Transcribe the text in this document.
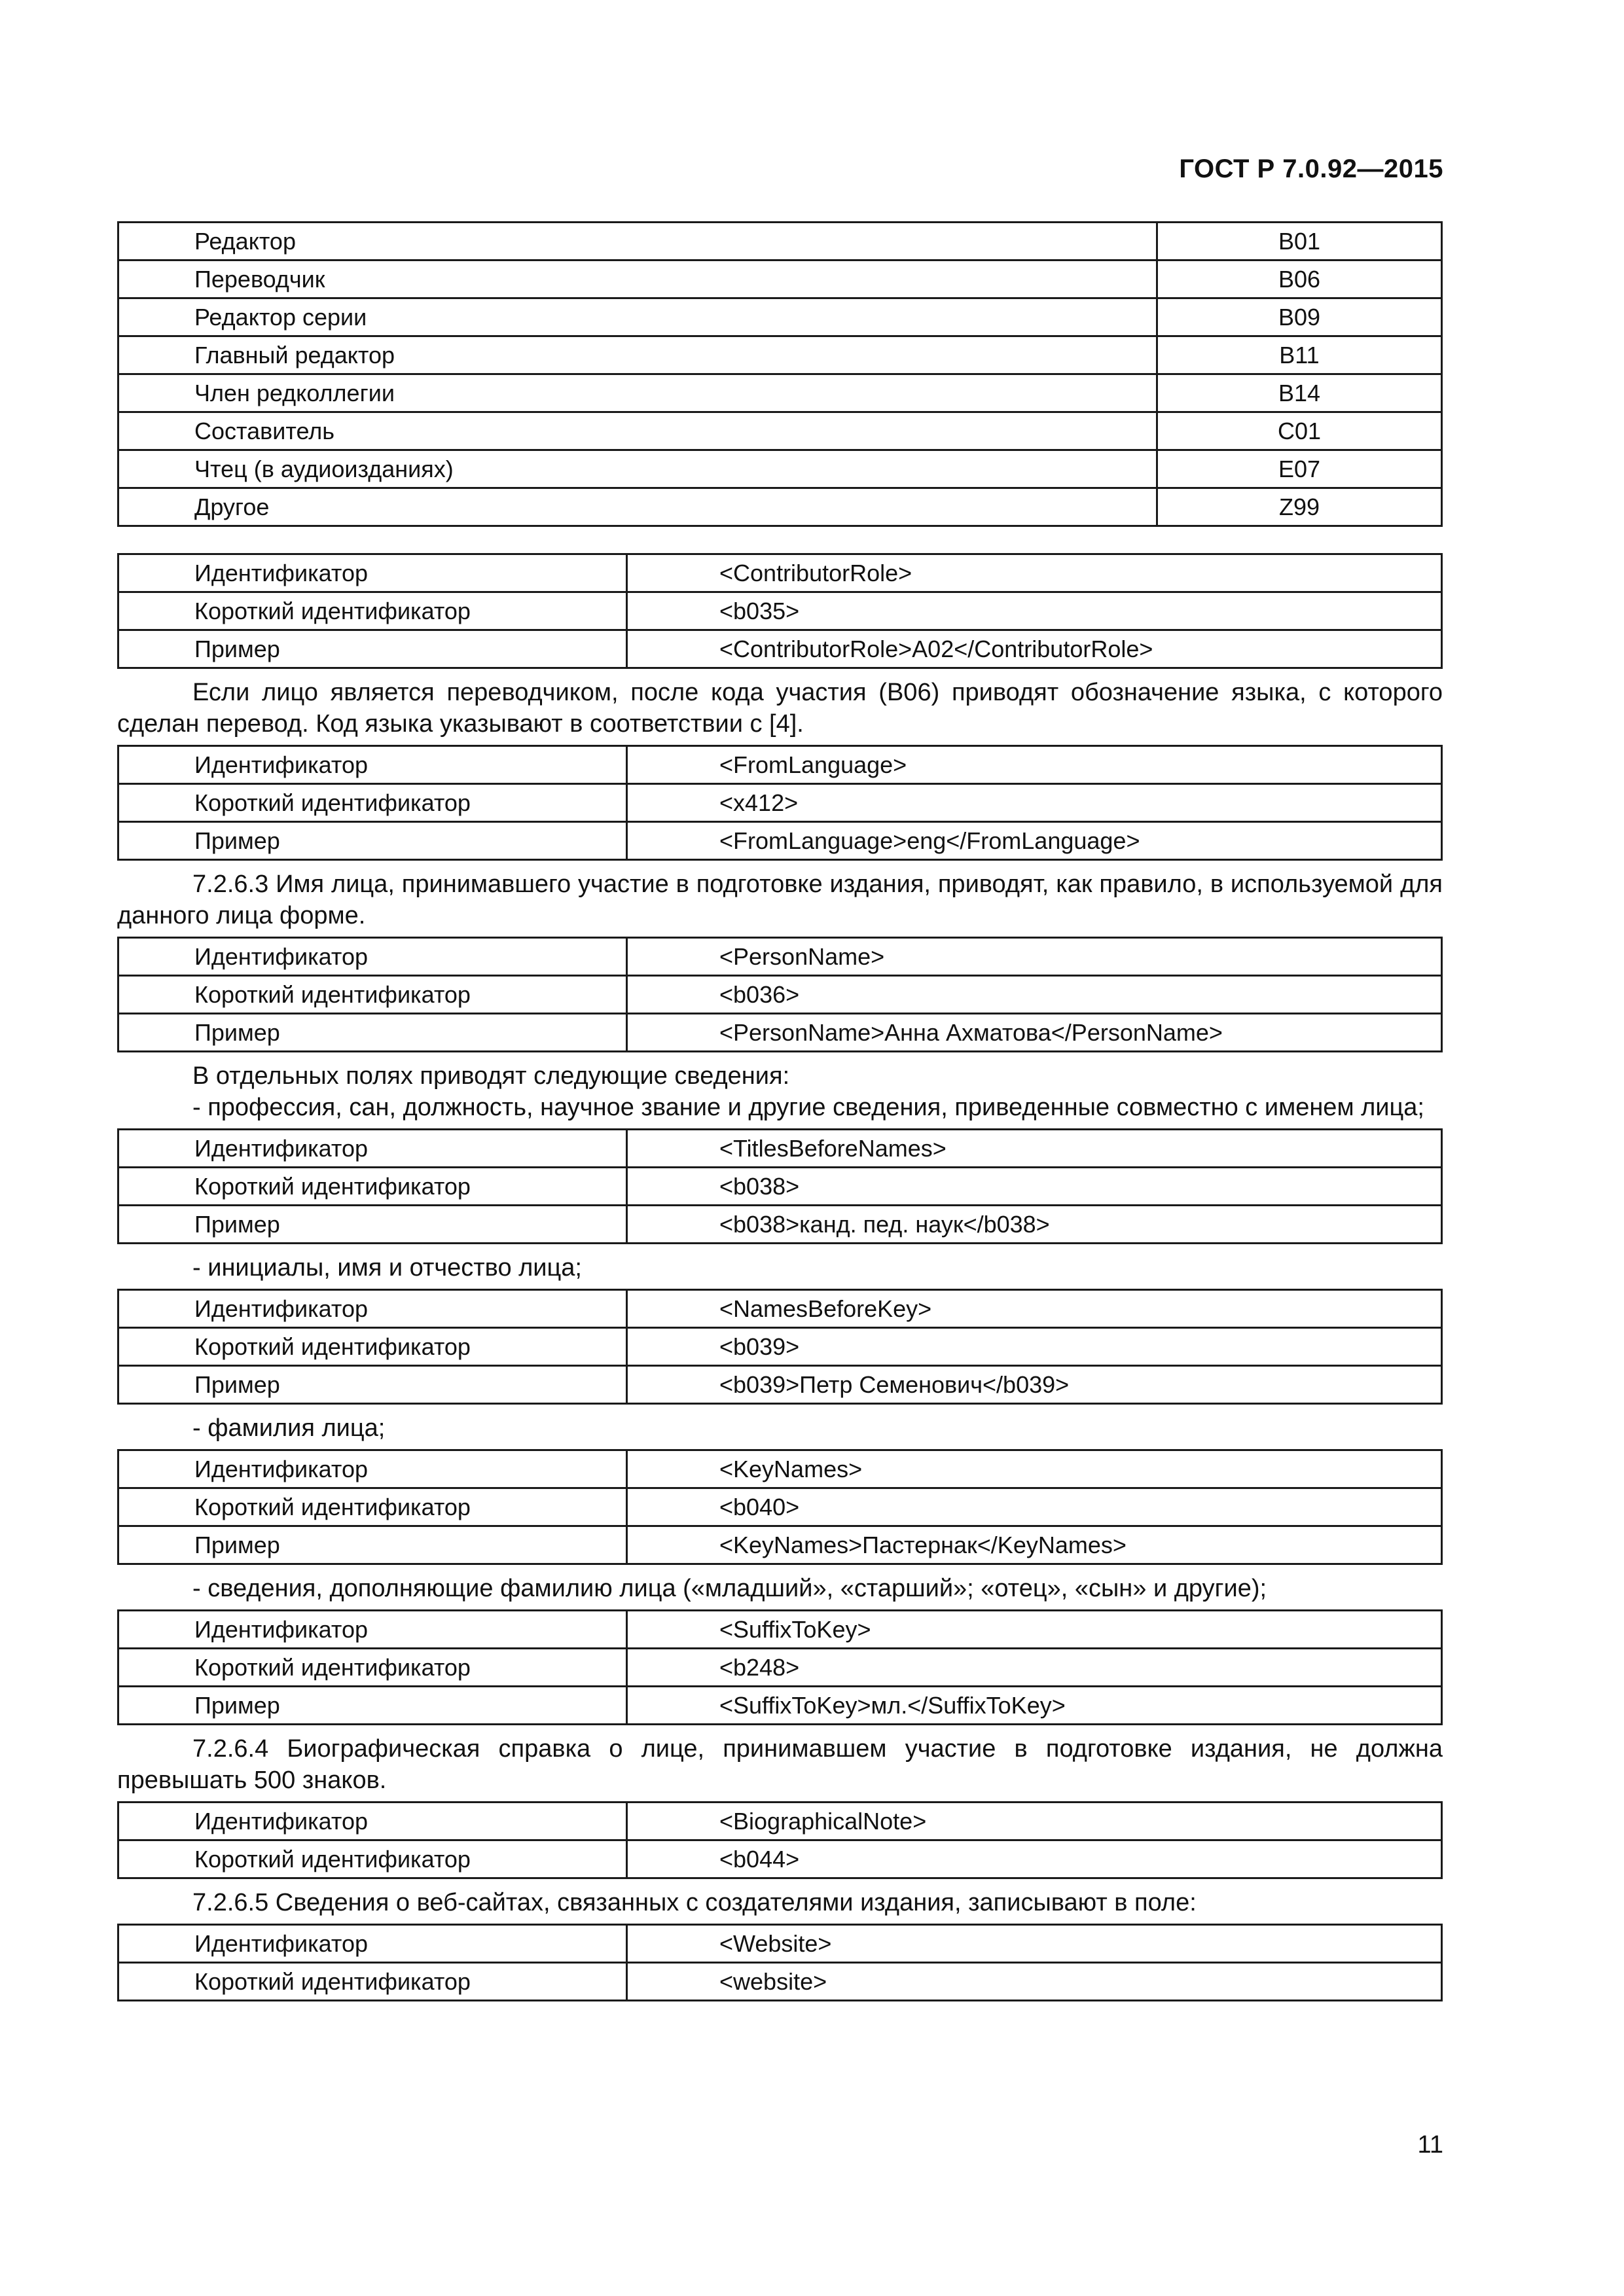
ГОСТ Р 7.0.92—2015
Редактор	B01
Переводчик	B06
Редактор серии	B09
Главный редактор	B11
Член редколлегии	B14
Составитель	C01
Чтец (в аудиоизданиях)	E07
Другое	Z99
Идентификатор	<ContributorRole>
Короткий идентификатор	<b035>
Пример	<ContributorRole>A02</ContributorRole>

Если лицо является переводчиком, после кода участия (B06) приводят обозначение языка, с которого сделан перевод. Код языка указывают в соответствии с [4].

Идентификатор	<FromLanguage>
Короткий идентификатор	<x412>
Пример	<FromLanguage>eng</FromLanguage>

7.2.6.3 Имя лица, принимавшего участие в подготовке издания, приводят, как правило, в используемой для данного лица форме.

Идентификатор	<PersonName>
Короткий идентификатор	<b036>
Пример	<PersonName>Анна Ахматова</PersonName>

В отдельных полях приводят следующие сведения:

- профессия, сан, должность, научное звание и другие сведения, приведенные совместно с именем лица;

Идентификатор	<TitlesBeforeNames>
Короткий идентификатор	<b038>
Пример	<b038>канд. пед. наук</b038>

- инициалы, имя и отчество лица;

Идентификатор	<NamesBeforeKey>
Короткий идентификатор	<b039>
Пример	<b039>Петр Семенович</b039>

- фамилия лица;

Идентификатор	<KeyNames>
Короткий идентификатор	<b040>
Пример	<KeyNames>Пастернак</KeyNames>

- сведения, дополняющие фамилию лица («младший», «старший»; «отец», «сын» и другие);

Идентификатор	<SuffixToKey>
Короткий идентификатор	<b248>
Пример	<SuffixToKey>мл.</SuffixToKey>

7.2.6.4 Биографическая справка о лице, принимавшем участие в подготовке издания, не должна превышать 500 знаков.

Идентификатор	<BiographicalNote>
Короткий идентификатор	<b044>

7.2.6.5 Сведения о веб-сайтах, связанных с создателями издания, записывают в поле:

Идентификатор	<Website>
Короткий идентификатор	<website>
11
